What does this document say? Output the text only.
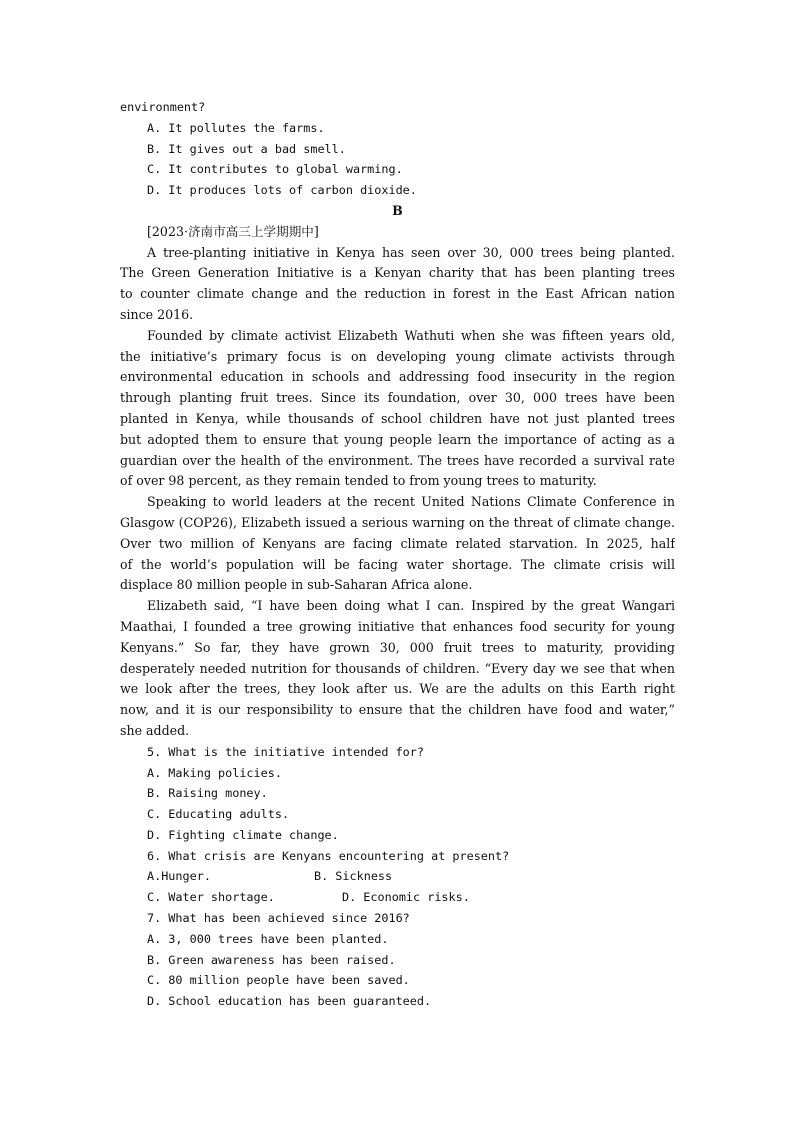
environment?
A. It pollutes the farms.
B. It gives out a bad smell.
C. It contributes to global warming.
D. It produces lots of carbon dioxide.
B
[2023·济南市高三上学期期中]
A tree-planting initiative in Kenya has seen over 30, 000 trees being planted.
The Green Generation Initiative is a Kenyan charity that has been planting trees
to counter climate change and the reduction in forest in the East African nation
since 2016.
Founded by climate activist Elizabeth Wathuti when she was fifteen years old,
the initiative’s primary focus is on developing young climate activists through
environmental education in schools and addressing food insecurity in the region
through planting fruit trees. Since its foundation, over 30, 000 trees have been
planted in Kenya, while thousands of school children have not just planted trees
but adopted them to ensure that young people learn the importance of acting as a
guardian over the health of the environment. The trees have recorded a survival rate
of over 98 percent, as they remain tended to from young trees to maturity.
Speaking to world leaders at the recent United Nations Climate Conference in
Glasgow (COP26), Elizabeth issued a serious warning on the threat of climate change.
Over two million of Kenyans are facing climate related starvation. In 2025, half
of the world’s population will be facing water shortage. The climate crisis will
displace 80 million people in sub-Saharan Africa alone.
Elizabeth said, “I have been doing what I can. Inspired by the great Wangari
Maathai, I founded a tree growing initiative that enhances food security for young
Kenyans.” So far, they have grown 30, 000 fruit trees to maturity, providing
desperately needed nutrition for thousands of children. “Every day we see that when
we look after the trees, they look after us. We are the adults on this Earth right
now, and it is our responsibility to ensure that the children have food and water,”
she added.
5. What is the initiative intended for?
A. Making policies.
B. Raising money.
C. Educating adults.
D. Fighting climate change.
6. What crisis are Kenyans encountering at present?
A.Hunger.	B. Sickness
C. Water shortage.	D. Economic risks.
7. What has been achieved since 2016?
A. 3, 000 trees have been planted.
B. Green awareness has been raised.
C. 80 million people have been saved.
D. School education has been guaranteed.
